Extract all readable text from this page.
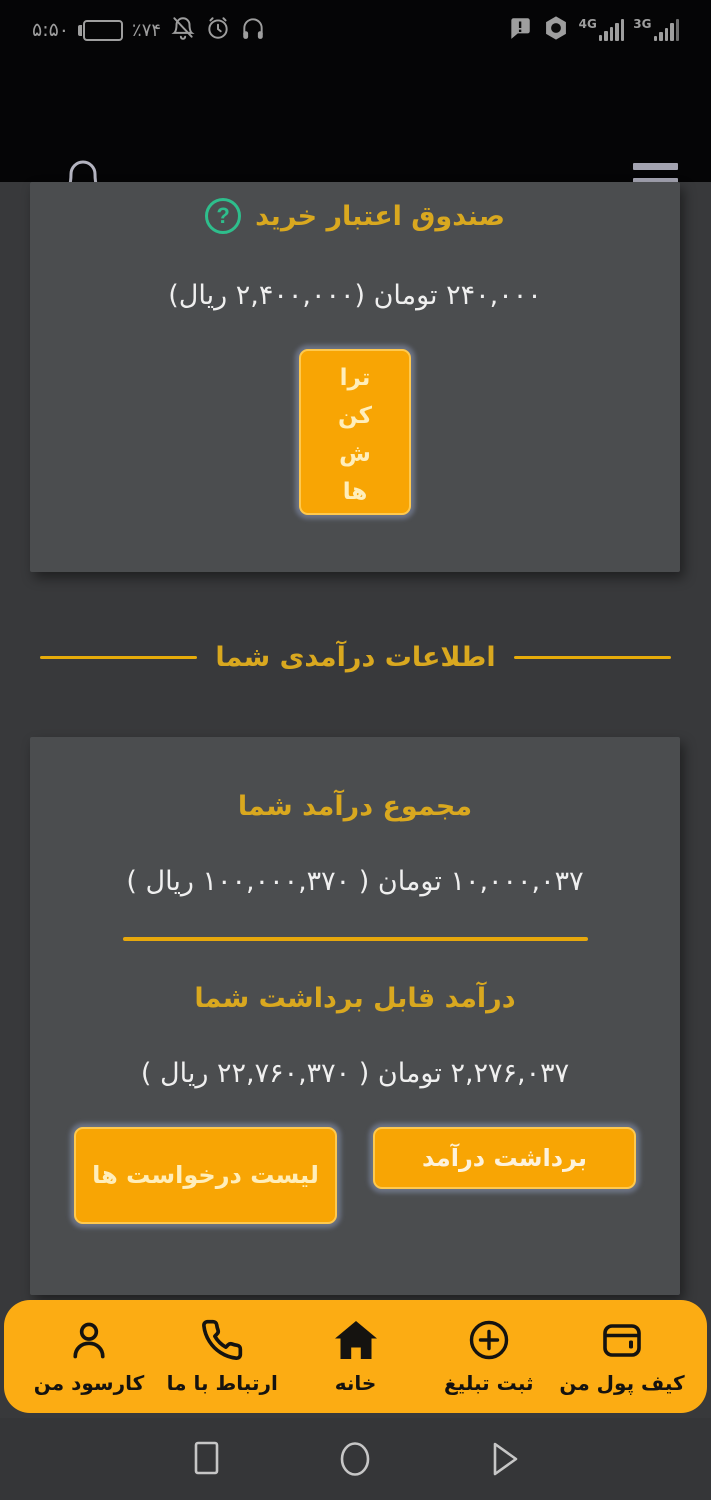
۵:۵۰	٪۷۴	4G	3G
صندوق اعتبار خرید
?
۲۴۰,۰۰۰ تومان (۲,۴۰۰,۰۰۰ ریال)
ترا
کن
ش
ها
اطلاعات درآمدی شما
مجموع درآمد شما
۱۰,۰۰۰,۰۳۷ تومان ( ۱۰۰,۰۰۰,۳۷۰ ریال )
درآمد قابل برداشت شما
۲,۲۷۶,۰۳۷ تومان ( ۲۲,۷۶۰,۳۷۰ ریال )
برداشت درآمد
لیست درخواست ها
کیف پول من
ثبت تبلیغ
خانه
ارتباط با ما
کارسود من
